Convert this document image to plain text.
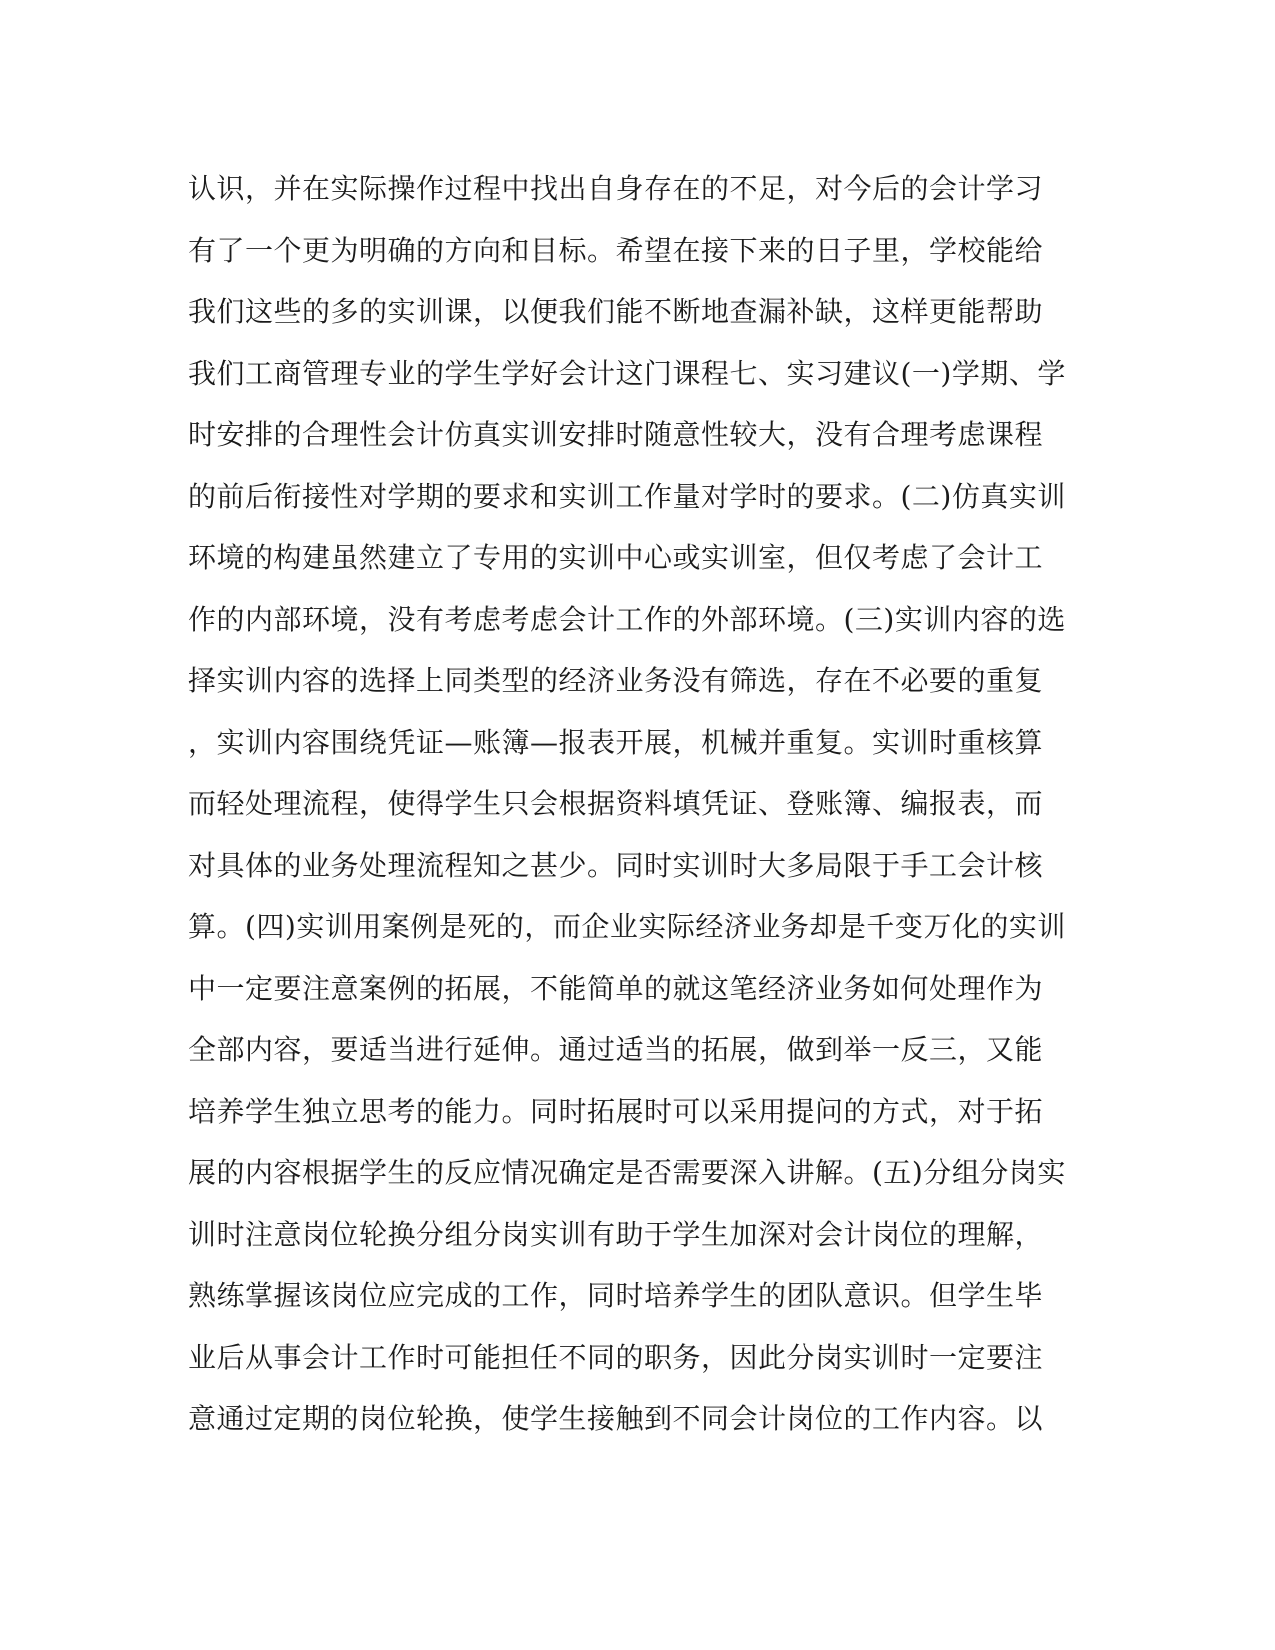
认识，并在实际操作过程中找出自身存在的不足，对今后的会计学习
有了一个更为明确的方向和目标。希望在接下来的日子里，学校能给
我们这些的多的实训课，以便我们能不断地查漏补缺，这样更能帮助
我们工商管理专业的学生学好会计这门课程七、实习建议(一)学期、学
时安排的合理性会计仿真实训安排时随意性较大，没有合理考虑课程
的前后衔接性对学期的要求和实训工作量对学时的要求。(二)仿真实训
环境的构建虽然建立了专用的实训中心或实训室，但仅考虑了会计工
作的内部环境，没有考虑考虑会计工作的外部环境。(三)实训内容的选
择实训内容的选择上同类型的经济业务没有筛选，存在不必要的重复
，实训内容围绕凭证—账簿—报表开展，机械并重复。实训时重核算
而轻处理流程，使得学生只会根据资料填凭证、登账簿、编报表，而
对具体的业务处理流程知之甚少。同时实训时大多局限于手工会计核
算。(四)实训用案例是死的，而企业实际经济业务却是千变万化的实训
中一定要注意案例的拓展，不能简单的就这笔经济业务如何处理作为
全部内容，要适当进行延伸。通过适当的拓展，做到举一反三，又能
培养学生独立思考的能力。同时拓展时可以采用提问的方式，对于拓
展的内容根据学生的反应情况确定是否需要深入讲解。(五)分组分岗实
训时注意岗位轮换分组分岗实训有助于学生加深对会计岗位的理解，
熟练掌握该岗位应完成的工作，同时培养学生的团队意识。但学生毕
业后从事会计工作时可能担任不同的职务，因此分岗实训时一定要注
意通过定期的岗位轮换，使学生接触到不同会计岗位的工作内容。以
